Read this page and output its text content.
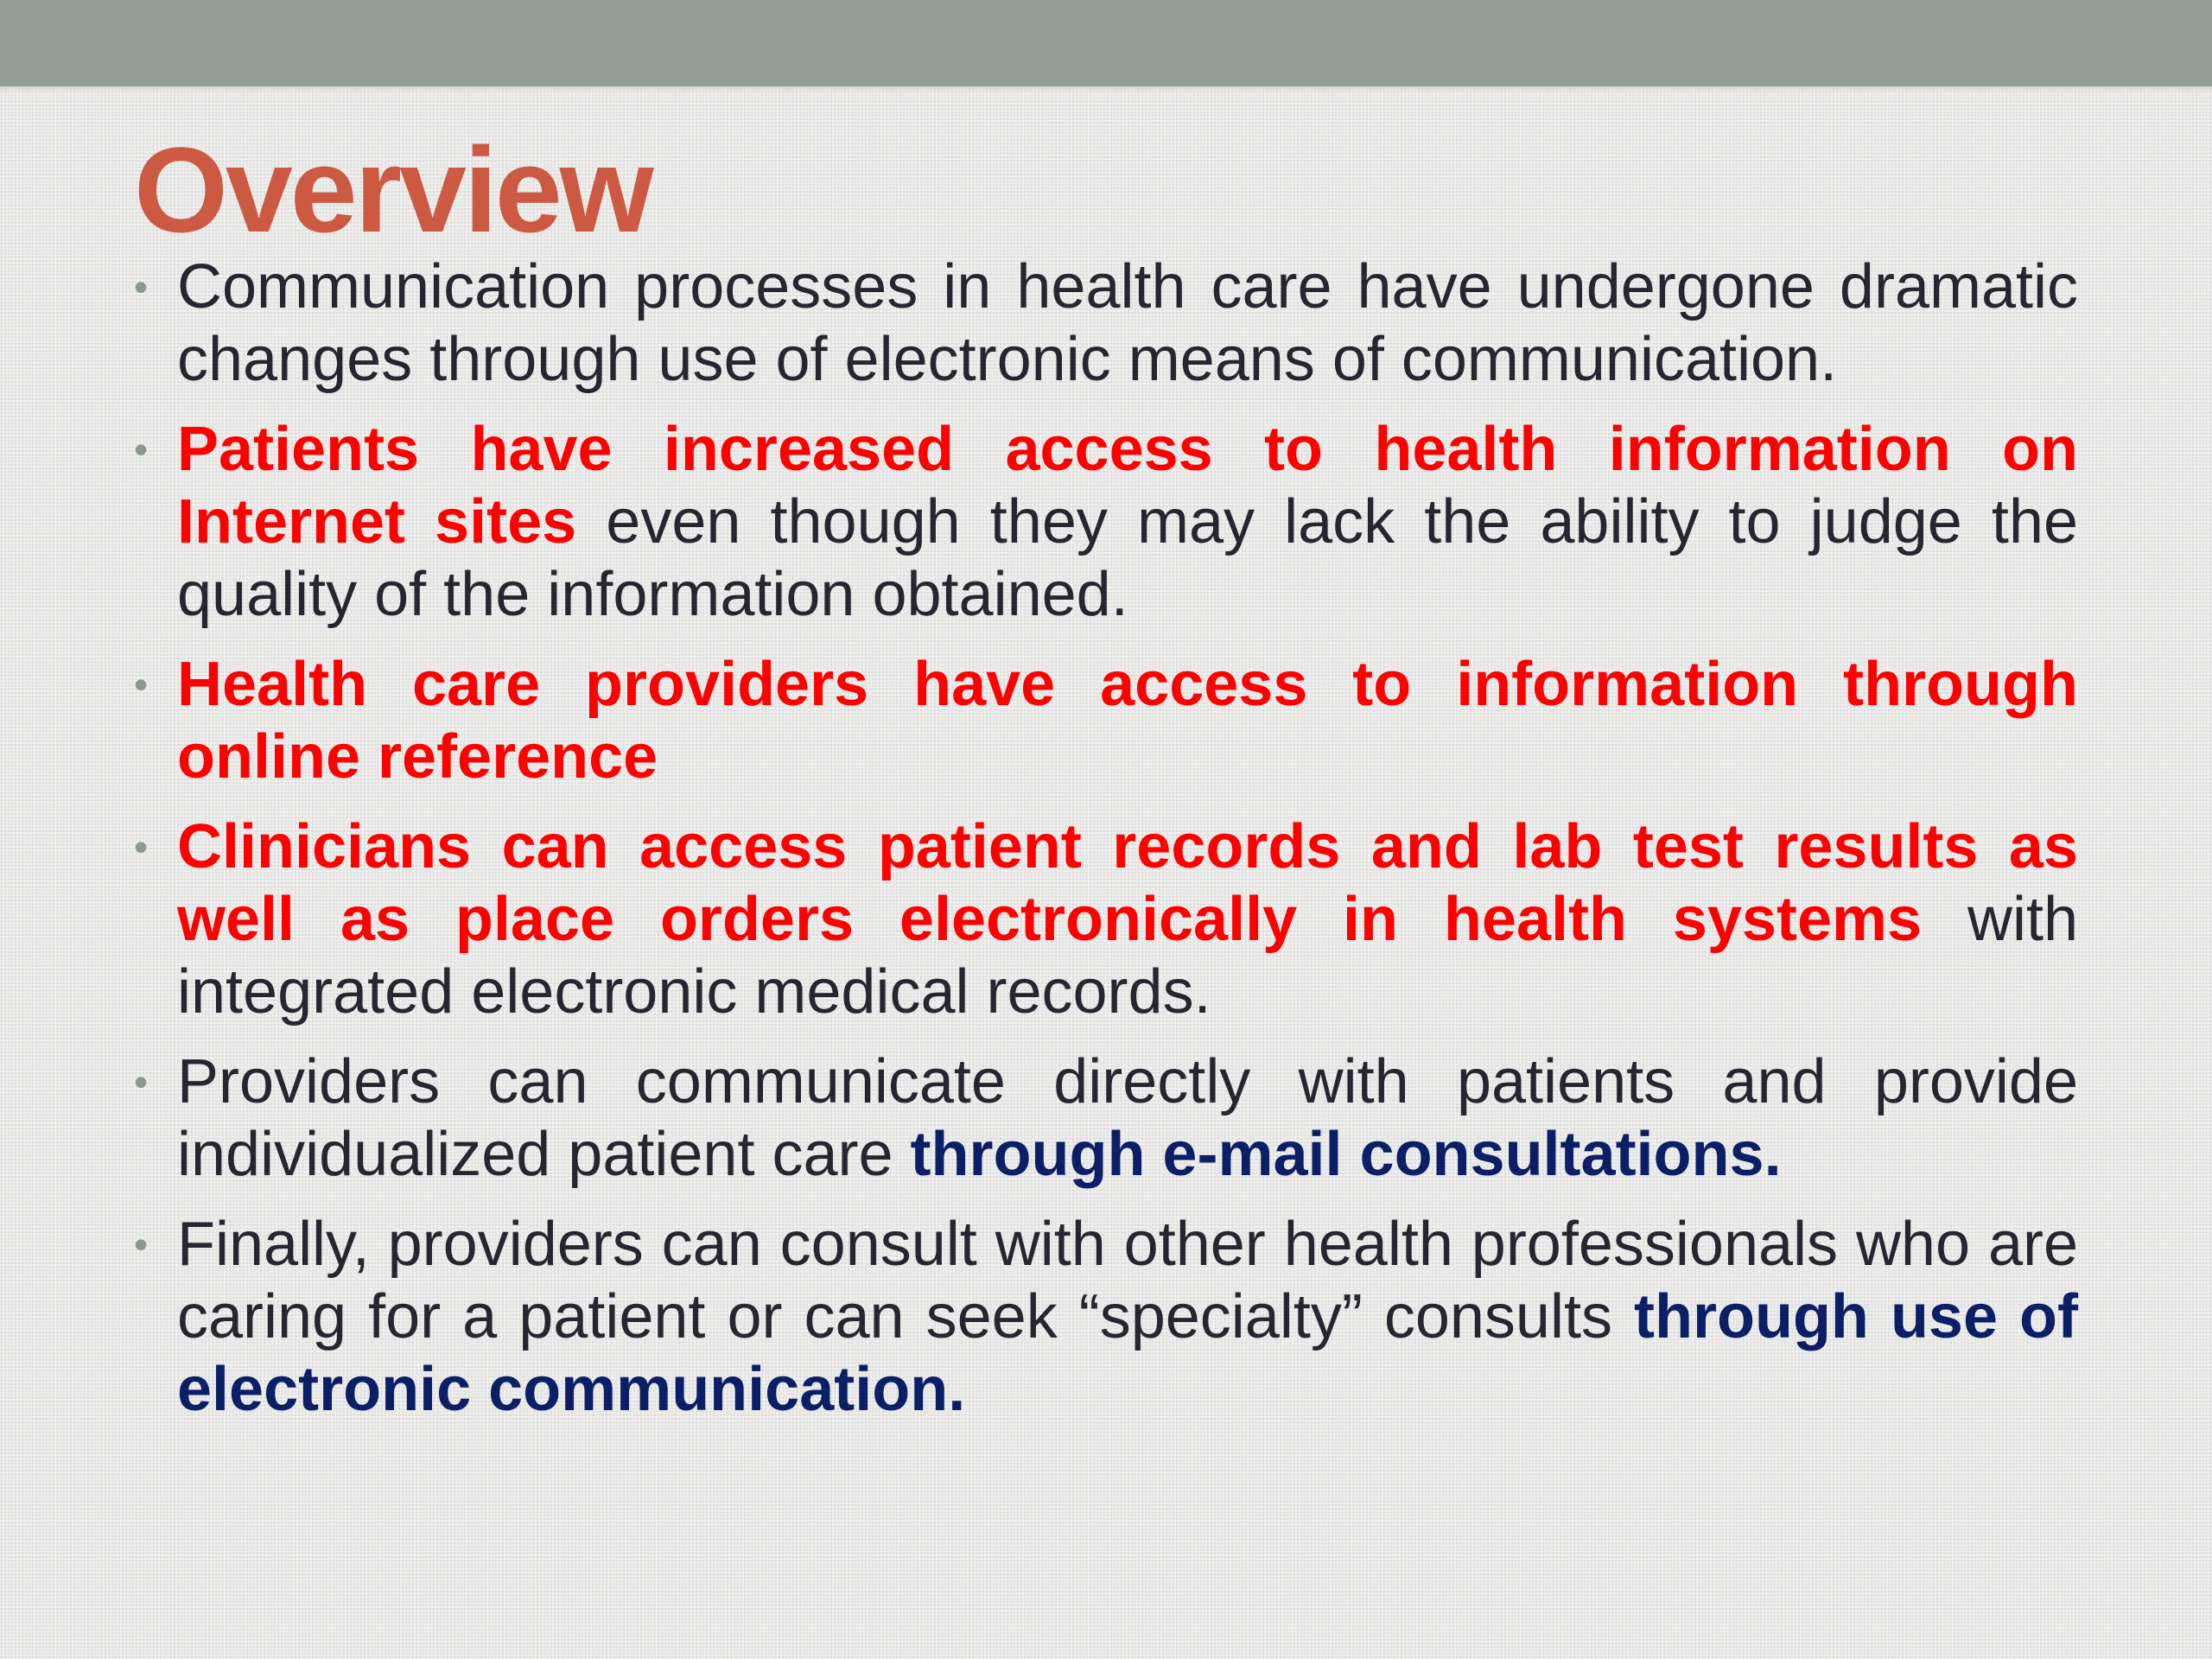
Overview
• Communication processes in health care have undergone dramatic changes through use of electronic means of communication.
• Patients have increased access to health information on Internet sites even though they may lack the ability to judge the quality of the information obtained.
• Health care providers have access to information through online reference
• Clinicians can access patient records and lab test results as well as place orders electronically in health systems with integrated electronic medical records.
• Providers can communicate directly with patients and provide individualized patient care through e-mail consultations.
• Finally, providers can consult with other health professionals who are caring for a patient or can seek “specialty” consults through use of electronic communication.
